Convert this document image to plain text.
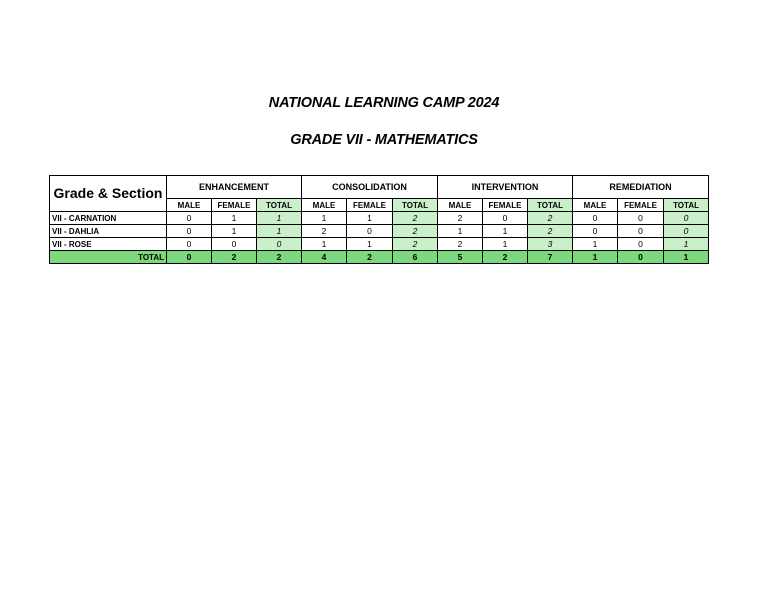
NATIONAL LEARNING CAMP 2024
GRADE VII - MATHEMATICS
Grade & Section	ENHANCEMENT			CONSOLIDATION			INTERVENTION			REMEDIATION		
	MALE	FEMALE	TOTAL	MALE	FEMALE	TOTAL	MALE	FEMALE	TOTAL	MALE	FEMALE	TOTAL
VII - CARNATION	0	1	1	1	1	2	2	0	2	0	0	0
VII - DAHLIA	0	1	1	2	0	2	1	1	2	0	0	0
VII - ROSE	0	0	0	1	1	2	2	1	3	1	0	1
TOTAL	0	2	2	4	2	6	5	2	7	1	0	1
